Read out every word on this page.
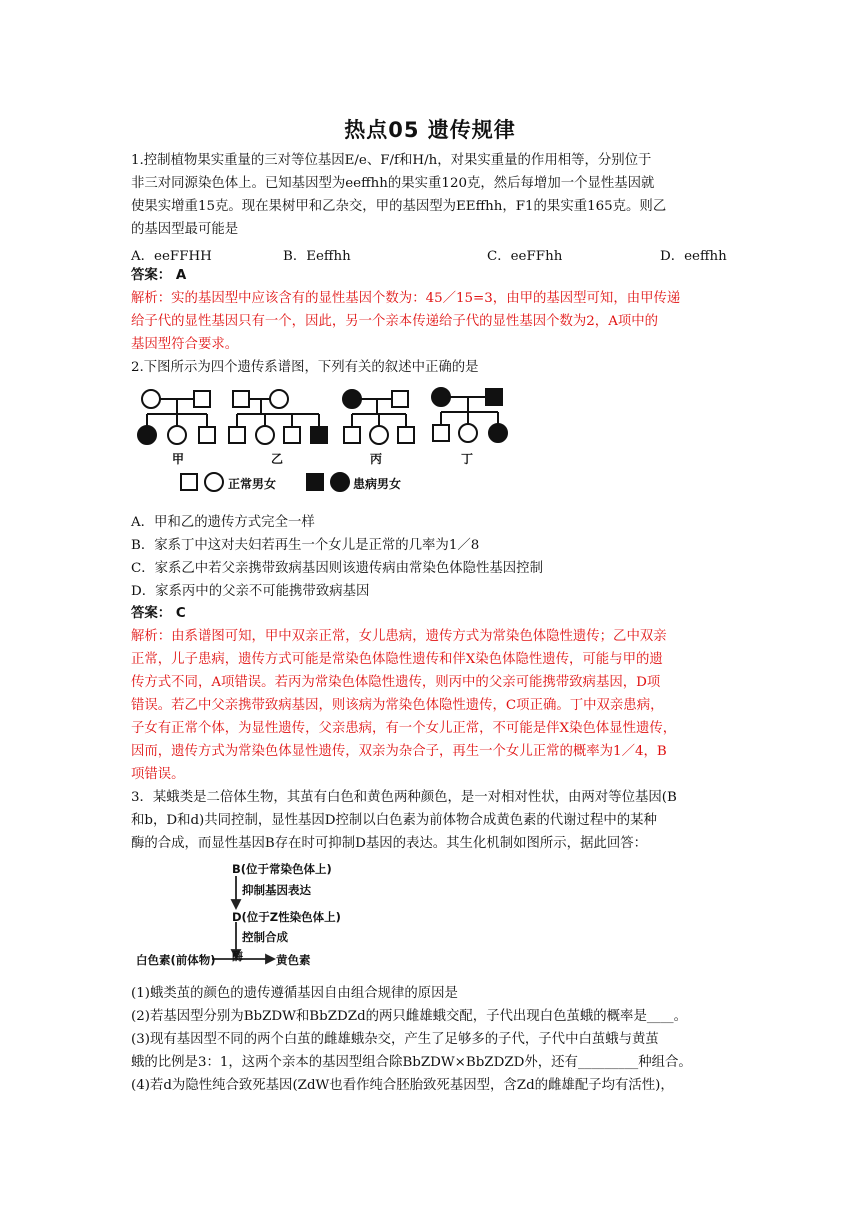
热点05 遗传规律
1.控制植物果实重量的三对等位基因E/e、F/f和H/h，对果实重量的作用相等，分别位于
非三对同源染色体上。已知基因型为eeffhh的果实重120克，然后每增加一个显性基因就
使果实增重15克。现在果树甲和乙杂交，甲的基因型为EEffhh，F1的果实重165克。则乙
的基因型最可能是
A．eeFFHH	B．Eeffhh	C．eeFFhh	D．eeffhh
答案： A
解析：实的基因型中应该含有的显性基因个数为：45／15=3，由甲的基因型可知，由甲传递
给子代的显性基因只有一个，因此，另一个亲本传递给子代的显性基因个数为2，A项中的
基因型符合要求。
2.下图所示为四个遗传系谱图，下列有关的叙述中正确的是
甲	乙	丙	丁
正常男女	患病男女
A．甲和乙的遗传方式完全一样
B．家系丁中这对夫妇若再生一个女儿是正常的几率为1／8
C．家系乙中若父亲携带致病基因则该遗传病由常染色体隐性基因控制
D．家系丙中的父亲不可能携带致病基因
答案： C
解析：由系谱图可知，甲中双亲正常，女儿患病，遗传方式为常染色体隐性遗传；乙中双亲
正常，儿子患病，遗传方式可能是常染色体隐性遗传和伴X染色体隐性遗传，可能与甲的遗
传方式不同，A项错误。若丙为常染色体隐性遗传，则丙中的父亲可能携带致病基因，D项
错误。若乙中父亲携带致病基因，则该病为常染色体隐性遗传，C项正确。丁中双亲患病，
子女有正常个体，为显性遗传，父亲患病，有一个女儿正常，不可能是伴X染色体显性遗传，
因而，遗传方式为常染色体显性遗传，双亲为杂合子，再生一个女儿正常的概率为1／4，B
项错误。
3．某蛾类是二倍体生物，其茧有白色和黄色两种颜色，是一对相对性状，由两对等位基因(B
和b，D和d)共同控制，显性基因D控制以白色素为前体物合成黄色素的代谢过程中的某种
酶的合成，而显性基因B存在时可抑制D基因的表达。其生化机制如图所示，据此回答：
B(位于常染色体上)
抑制基因表达
D(位于Z性染色体上)
控制合成
白色素(前体物) 酶	黄色素
(1)蛾类茧的颜色的遗传遵循基因自由组合规律的原因是
(2)若基因型分别为BbZDW和BbZDZd的两只雌雄蛾交配，子代出现白色茧蛾的概率是____。
(3)现有基因型不同的两个白茧的雌雄蛾杂交，产生了足够多的子代，子代中白茧蛾与黄茧
蛾的比例是3：1，这两个亲本的基因型组合除BbZDW×BbZDZD外，还有_________种组合。
(4)若d为隐性纯合致死基因(ZdW也看作纯合胚胎致死基因型，含Zd的雌雄配子均有活性)，
